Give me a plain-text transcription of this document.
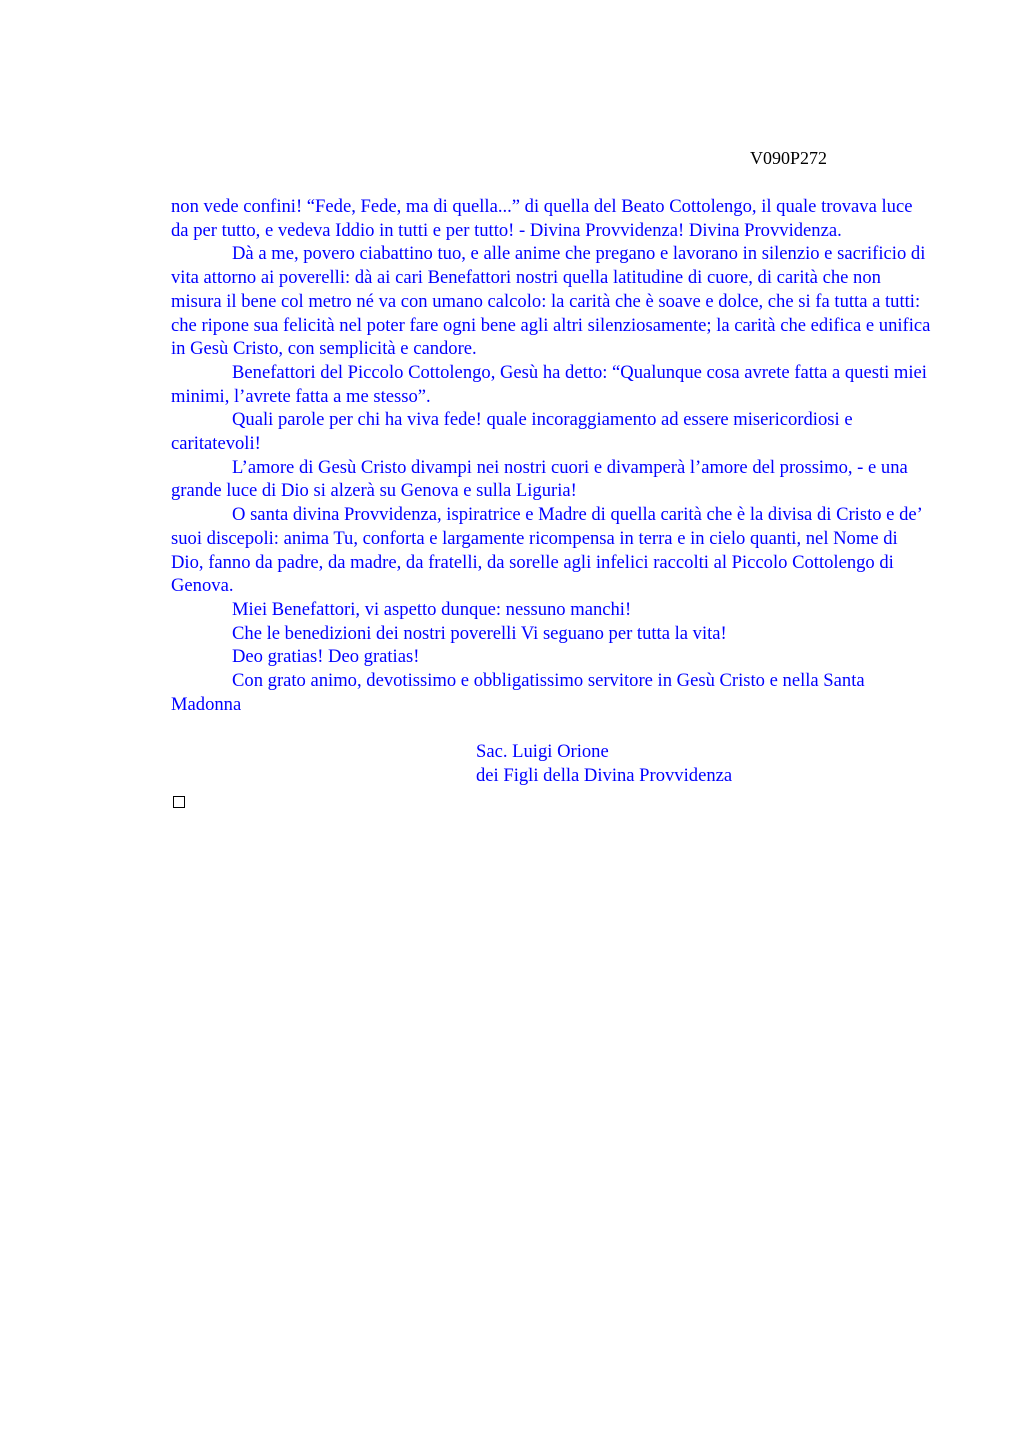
V090P272

non vede confini! “Fede, Fede, ma di quella...” di quella del Beato Cottolengo, il quale trovava luce da per tutto, e vedeva Iddio in tutti e per tutto! - Divina Provvidenza! Divina Provvidenza.

Dà a me, povero ciabattino tuo, e alle anime che pregano e lavorano in silenzio e sacrificio di vita attorno ai poverelli: dà ai cari Benefattori nostri quella latitudine di cuore, di carità che non misura il bene col metro né va con umano calcolo: la carità che è soave e dolce, che si fa tutta a tutti: che ripone sua felicità nel poter fare ogni bene agli altri silenziosamente; la carità che edifica e unifica in Gesù Cristo, con semplicità e candore.

Benefattori del Piccolo Cottolengo, Gesù ha detto: “Qualunque cosa avrete fatta a questi miei minimi, l’avrete fatta a me stesso”.

Quali parole per chi ha viva fede! quale incoraggiamento ad essere misericordiosi e caritatevoli!

L’amore di Gesù Cristo divampi nei nostri cuori e divamperà l’amore del prossimo, - e una grande luce di Dio si alzerà su Genova e sulla Liguria!

O santa divina Provvidenza, ispiratrice e Madre di quella carità che è la divisa di Cristo e de’ suoi discepoli: anima Tu, conforta e largamente ricompensa in terra e in cielo quanti, nel Nome di Dio, fanno da padre, da madre, da fratelli, da sorelle agli infelici raccolti al Piccolo Cottolengo di Genova.

Miei Benefattori, vi aspetto dunque: nessuno manchi!

Che le benedizioni dei nostri poverelli Vi seguano per tutta la vita!

Deo gratias! Deo gratias!

Con grato animo, devotissimo e obbligatissimo servitore in Gesù Cristo e nella Santa Madonna

Sac. Luigi Orione
dei Figli della Divina Provvidenza
